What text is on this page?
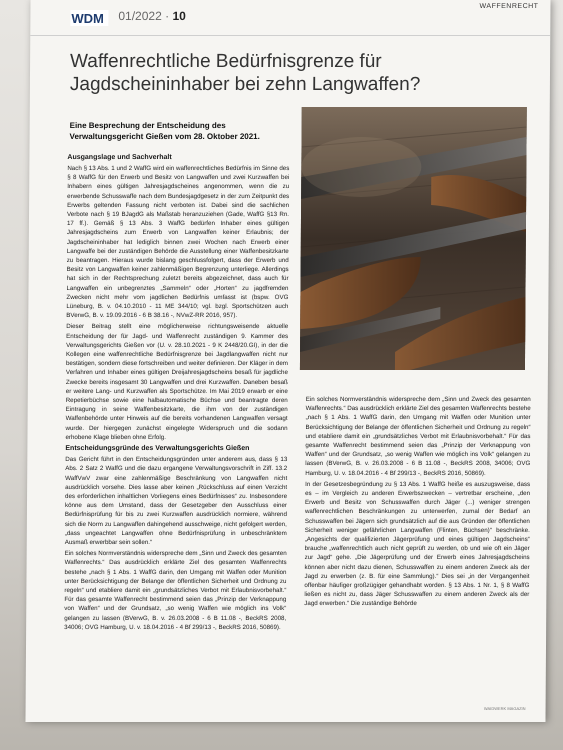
WDM 01/2022 · 10
WAFFENRECHT
Waffenrechtliche Bedürfnisgrenze für Jagdscheininhaber bei zehn Langwaffen?
Eine Besprechung der Entscheidung des Verwaltungsgericht Gießen vom 28. Oktober 2021.
Ausgangslage und Sachverhalt

Nach § 13 Abs. 1 und 2 WaffG wird ein waffenrechtliches Bedürfnis im Sinne des § 8 WaffG für den Erwerb und Besitz von Langwaffen und zwei Kurzwaffen bei Inhabern eines gültigen Jahresjagdscheines angenommen, wenn die zu erwerbende Schusswaffe nach dem Bundesjagdgesetz in der zum Zeitpunkt des Erwerbs geltenden Fassung nicht verboten ist. Dabei sind die sachlichen Verbote nach § 19 BJagdG als Maßstab heranzuziehen (Gade, WaffG §13 Rn. 17 ff.). Gemäß § 13 Abs. 3 WaffG bedürfen Inhaber eines gültigen Jahresjagdscheins zum Erwerb von Langwaffen keiner Erlaubnis; der Jagdscheininhaber hat lediglich binnen zwei Wochen nach Erwerb einer Langwaffe bei der zuständigen Behörde die Ausstellung einer Waffenbesitzkarte zu beantragen. Hieraus wurde bislang geschlussfolgert, dass der Erwerb und Besitz von Langwaffen keiner zahlenmäßigen Begrenzung unterliege. Allerdings hat sich in der Rechtsprechung zuletzt bereits abgezeichnet, dass auch für Langwaffen ein unbegrenztes „Sammeln“ oder „Horten“ zu jagdfremden Zwecken nicht mehr vom jagdlichen Bedürfnis umfasst ist (bspw. OVG Lüneburg, B. v. 04.10.2010 - 11 ME 344/10; vgl. bzgl. Sportschützen auch BVerwG, B. v. 19.09.2016 - 6 B 38.16 -, NVwZ-RR 2016, 957).

Dieser Beitrag stellt eine möglicherweise richtungsweisende aktuelle Entscheidung der für Jagd- und Waffenrecht zuständigen 9. Kammer des Verwaltungsgerichts Gießen vor (U. v. 28.10.2021 - 9 K 2448/20.GI), in der die Kollegen eine waffenrechtliche Bedürfnisgrenze bei Jagdlangwaffen nicht nur bestätigen, sondern diese fortschreiben und weiter definieren. Der Kläger in dem Verfahren und Inhaber eines gültigen Dreijahresjagdscheins besaß für jagdliche Zwecke bereits insgesamt 30 Langwaffen und drei Kurzwaffen. Daneben besaß er weitere Lang- und Kurzwaffen als Sportschütze. Im Mai 2019 erwarb er eine Repetierbüchse sowie eine halbautomatische Büchse und beantragte deren Eintragung in seine Waffenbesitzkarte, die ihm von der zuständigen Waffenbehörde unter Hinweis auf die bereits vorhandenen Langwaffen versagt wurde. Der hiergegen zunächst eingelegte Widerspruch und die sodann erhobene Klage blieben ohne Erfolg.

Entscheidungsgründe des Verwaltungsgerichts Gießen

Das Gericht führt in den Entscheidungsgründen unter anderem aus, dass § 13 Abs. 2 Satz 2 WaffG und die dazu ergangene Verwaltungsvorschrift in Ziff. 13.2 WaffVwV zwar eine zahlenmäßige Beschränkung von Langwaffen nicht ausdrücklich vorsehe. Dies lasse aber keinen „Rückschluss auf einen Verzicht des erforderlichen inhaltlichen Vorliegens eines Bedürfnisses“ zu. Insbesondere könne aus dem Umstand, dass der Gesetzgeber den Ausschluss einer Bedürfnisprüfung für bis zu zwei Kurzwaffen ausdrücklich normiere, während sich die Norm zu Langwaffen dahingehend ausschweige, nicht gefolgert werden, „dass ungeachtet Langwaffen ohne Bedürfnisprüfung in unbeschränktem Ausmaß erwerbbar sein sollen.“

Ein solches Normverständnis widerspreche dem „Sinn und Zweck des gesamten Waffenrechts.“ Das ausdrücklich erklärte Ziel des gesamten Waffenrechts bestehe „nach § 1 Abs. 1 WaffG darin, den Umgang mit Waffen oder Munition unter Berücksichtigung der Belange der öffentlichen Sicherheit und Ordnung zu regeln“ und etabliere damit ein „grundsätzliches Verbot mit Erlaubnisvorbehalt.“ Für das gesamte Waffenrecht bestimmend seien das „Prinzip der Verknappung von Waffen“ und der Grundsatz, „so wenig Waffen wie möglich ins Volk“ gelangen zu lassen (BVerwG, B. v. 26.03.2008 - 6 B 11.08 -, BeckRS 2008, 34006; OVG Hamburg, U. v. 18.04.2016 - 4 Bf 299/13 -, BeckRS 2016, 50869).

Ein solches Normverständnis widerspreche dem „Sinn und Zweck des gesamten Waffenrechts.“ Das ausdrücklich erklärte Ziel des gesamten Waffenrechts bestehe „nach § 1 Abs. 1 WaffG darin, den Umgang mit Waffen oder Munition unter Berücksichtigung der Belange der öffentlichen Sicherheit und Ordnung zu regeln“ und etabliere damit ein „grundsätzliches Verbot mit Erlaubnisvorbehalt.“ Für das gesamte Waffenrecht bestimmend seien das „Prinzip der Verknappung von Waffen“ und der Grundsatz, „so wenig Waffen wie möglich ins Volk“ gelangen zu lassen (BVerwG, B. v. 26.03.2008 - 6 B 11.08 -, BeckRS 2008, 34006; OVG Hamburg, U. v. 18.04.2016 - 4 Bf 299/13 -, BeckRS 2016, 50869).

In der Gesetzesbegründung zu § 13 Abs. 1 WaffG heiße es auszugsweise, dass es – im Vergleich zu anderen Erwerbszwecken – vertretbar erscheine, „den Erwerb und Besitz von Schusswaffen durch Jäger (...) weniger strengen waffenrechtlichen Beschränkungen zu unterwerfen, zumal der Bedarf an Schusswaffen bei Jägern sich grundsätzlich auf die aus Gründen der öffentlichen Sicherheit weniger gefährlichen Langwaffen (Flinten, Büchsen)“ beschränke. „Angesichts der qualifizierten Jägerprüfung und eines gültigen Jagdscheins“ brauche „waffenrechtlich auch nicht geprüft zu werden, ob und wie oft ein Jäger zur Jagd“ gehe. „Die Jägerprüfung und der Erwerb eines Jahresjagdscheins können aber nicht dazu dienen, Schusswaffen zu einem anderen Zweck als der Jagd zu erwerben (z. B. für eine Sammlung).“ Dies sei „in der Vergangenheit offenbar häufiger großzügiger gehandhabt worden. § 13 Abs. 1 Nr. 1, § 8 WaffG ließen es nicht zu, dass Jäger Schusswaffen zu einem anderen Zweck als der Jagd erwerben.“ Die zuständige Behörde

WAIDWERK MAGAZIN
